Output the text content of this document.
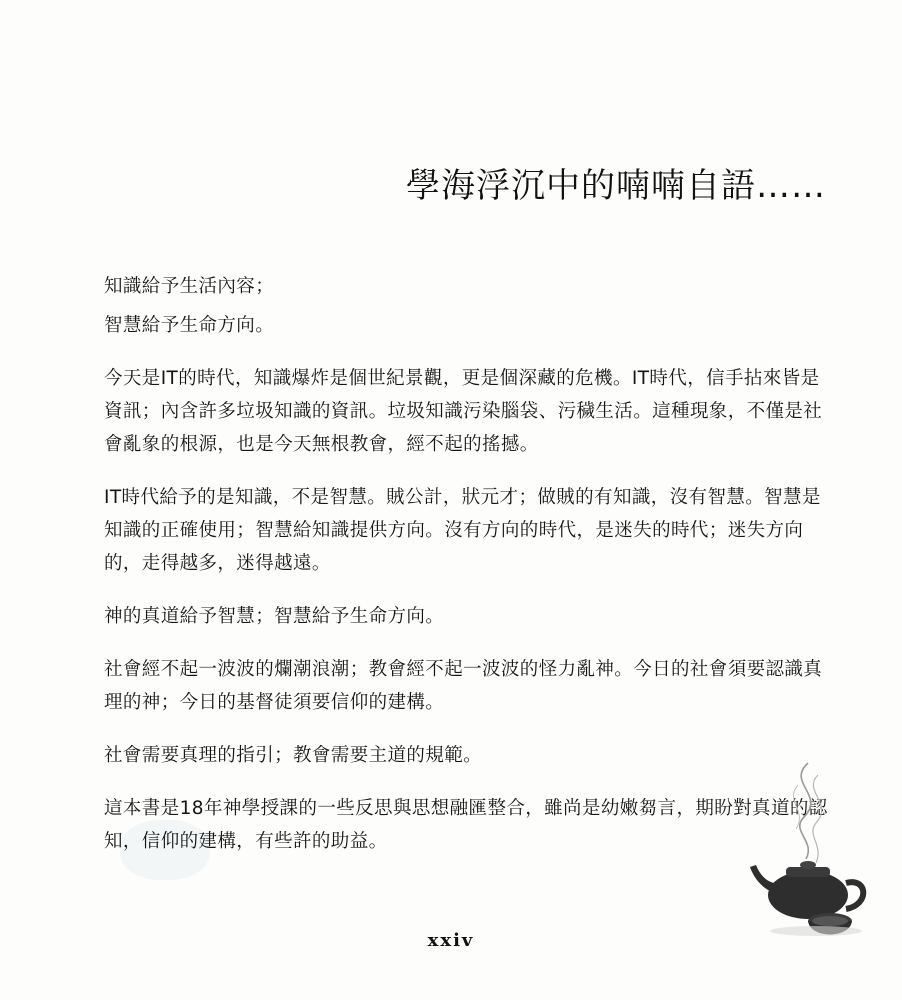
學海浮沉中的喃喃自語……

知識給予生活內容；

智慧給予生命方向。

今天是IT的時代，知識爆炸是個世紀景觀，更是個深藏的危機。IT時代，信手拈來皆是資訊；內含許多垃圾知識的資訊。垃圾知識污染腦袋、污穢生活。這種現象，不僅是社會亂象的根源，也是今天無根教會，經不起的搖撼。

IT時代給予的是知識，不是智慧。賊公計，狀元才；做賊的有知識，沒有智慧。智慧是知識的正確使用；智慧給知識提供方向。沒有方向的時代，是迷失的時代；迷失方向的，走得越多，迷得越遠。

神的真道給予智慧；智慧給予生命方向。

社會經不起一波波的爛潮浪潮；教會經不起一波波的怪力亂神。今日的社會須要認識真理的神；今日的基督徒須要信仰的建構。

社會需要真理的指引；教會需要主道的規範。

這本書是18年神學授課的一些反思與思想融匯整合，雖尚是幼嫩芻言，期盼對真道的認知，信仰的建構，有些許的助益。

xxiv
